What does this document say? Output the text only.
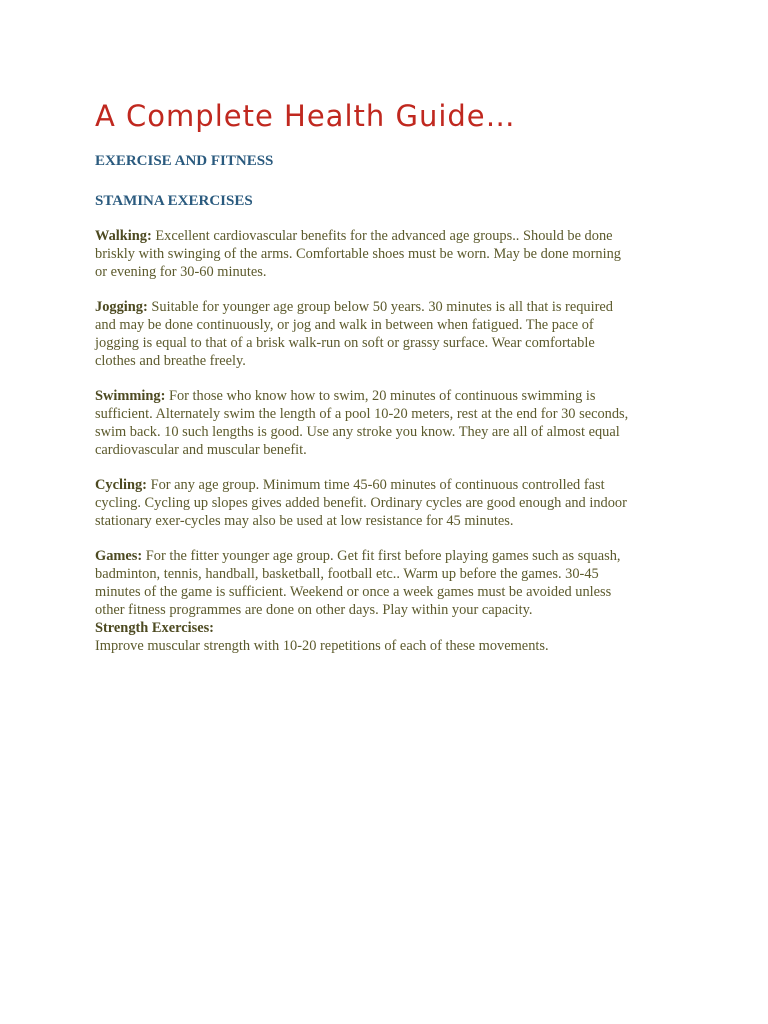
A Complete Health Guide…
EXERCISE AND FITNESS
STAMINA EXERCISES

Walking: Excellent cardiovascular benefits for the advanced age groups.. Should be done
briskly with swinging of the arms. Comfortable shoes must be worn. May be done morning
or evening for 30-60 minutes.

Jogging: Suitable for younger age group below 50 years. 30 minutes is all that is required
and may be done continuously, or jog and walk in between when fatigued. The pace of
jogging is equal to that of a brisk walk-run on soft or grassy surface. Wear comfortable
clothes and breathe freely.

Swimming: For those who know how to swim, 20 minutes of continuous swimming is
sufficient. Alternately swim the length of a pool 10-20 meters, rest at the end for 30 seconds,
swim back. 10 such lengths is good. Use any stroke you know. They are all of almost equal
cardiovascular and muscular benefit.

Cycling: For any age group. Minimum time 45-60 minutes of continuous controlled fast
cycling. Cycling up slopes gives added benefit. Ordinary cycles are good enough and indoor
stationary exer-cycles may also be used at low resistance for 45 minutes.

Games: For the fitter younger age group. Get fit first before playing games such as squash,
badminton, tennis, handball, basketball, football etc.. Warm up before the games. 30-45
minutes of the game is sufficient. Weekend or once a week games must be avoided unless
other fitness programmes are done on other days. Play within your capacity.

Strength Exercises:

Improve muscular strength with 10-20 repetitions of each of these movements.
